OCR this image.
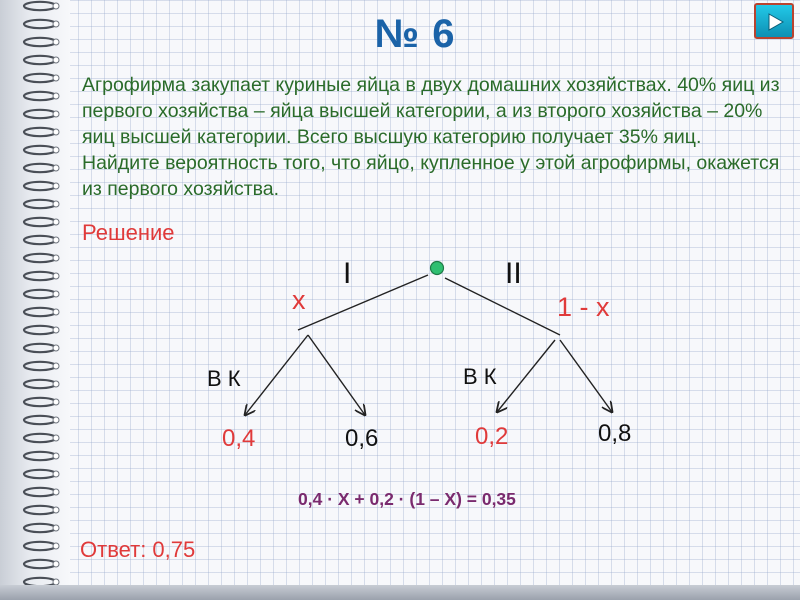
№ 6
Агрофирма закупает куриные яйца в двух домашних хозяйствах. 40% яиц из первого хозяйства – яйца высшей категории, а из второго хозяйства – 20% яиц высшей категории. Всего высшую категорию получает 35% яиц. Найдите вероятность того, что яйцо, купленное у этой агрофирмы, окажется из первого хозяйства.
Решение
I	II
x	1 - x
В К	В К
0,4	0,6	0,2	0,8
0,4 · Х + 0,2 · (1 – Х) = 0,35
Ответ: 0,75
